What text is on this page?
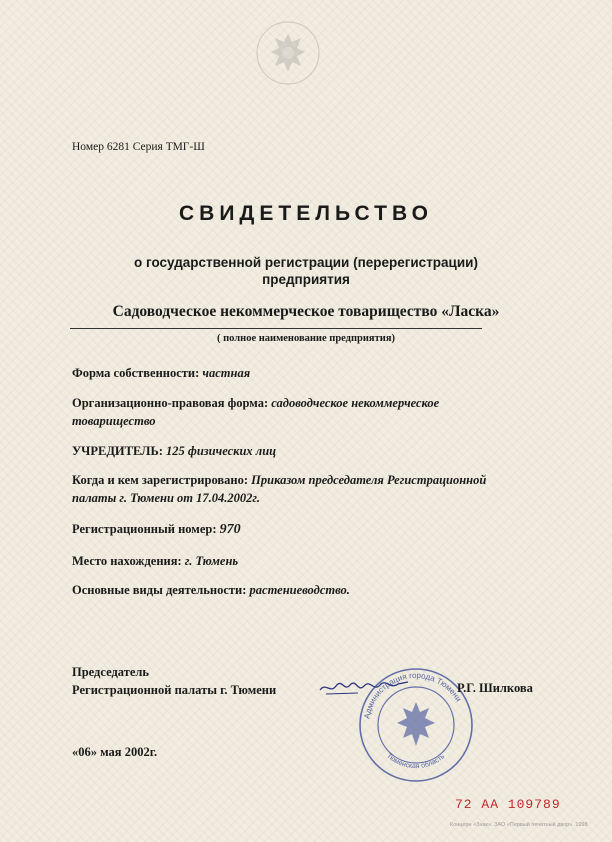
Номер 6281 Серия ТМГ-Ш
СВИДЕТЕЛЬСТВО
о государственной регистрации (перерегистрации)
предприятия
Садоводческое некоммерческое товарищество «Ласка»
( полное наименование предприятия)
Форма собственности: частная
Организационно-правовая форма: садоводческое некоммерческое товарищество
УЧРЕДИТЕЛЬ: 125 физических лиц
Когда и кем зарегистрировано: Приказом председателя Регистрационной палаты г. Тюмени от 17.04.2002г.
Регистрационный номер: 970
Место нахождения: г. Тюмень
Основные виды деятельности: растениеводство.
Председатель
Регистрационной палаты г. Тюмени
Администрация города Тюмени
Тюменская область
Р.Г. Шилкова
«06» мая 2002г.
72 АА 109789
Концерн «Знак». ЗАО «Первый печатный двор». 1998
